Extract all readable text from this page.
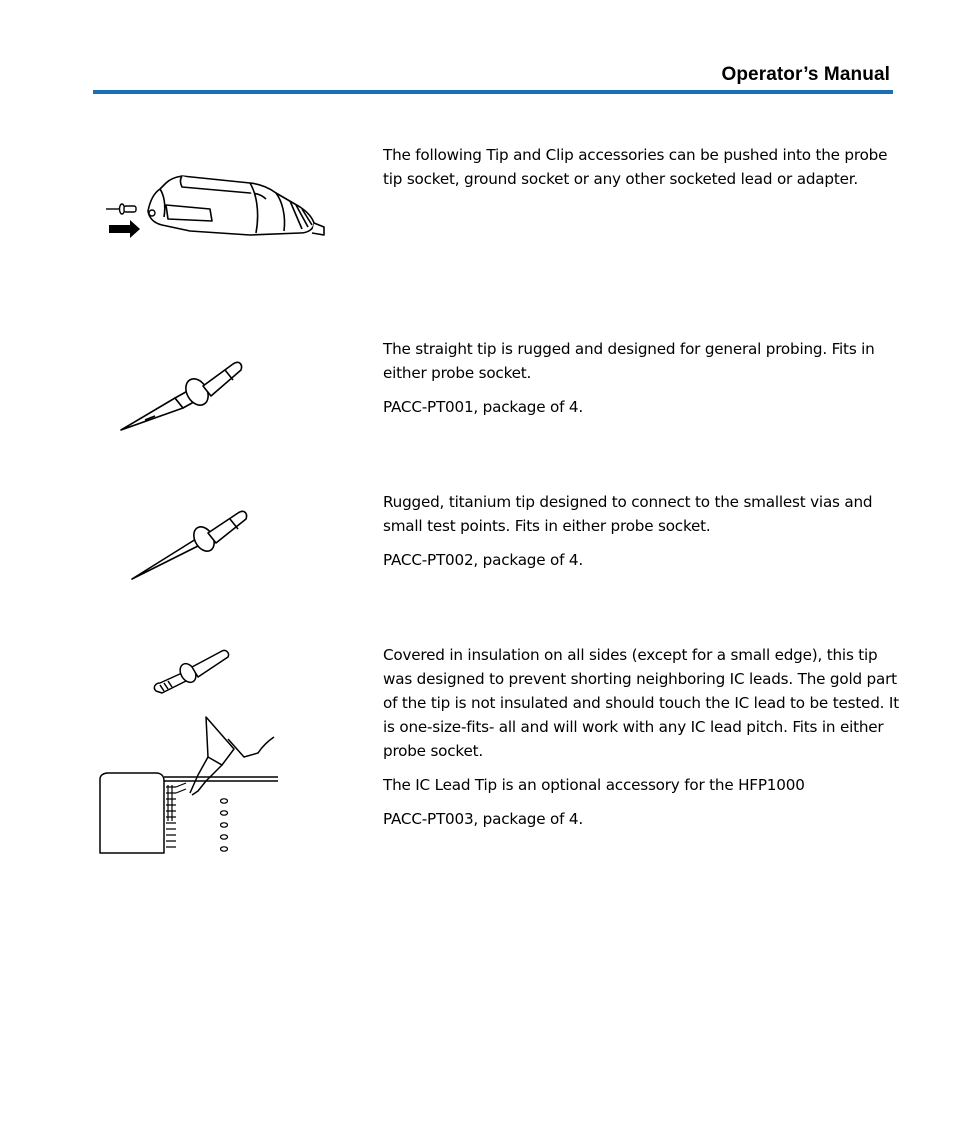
Operator’s Manual

The following Tip and Clip accessories can be pushed into the probe tip socket, ground socket or any other socketed lead or adapter.

The straight tip is rugged and designed for general probing. Fits in either probe socket.

PACC-PT001, package of 4.

Rugged, titanium tip designed to connect to the smallest vias and small test points. Fits in either probe socket.

PACC-PT002, package of 4.

Covered in insulation on all sides (except for a small edge), this tip was designed to prevent shorting neighboring IC leads. The gold part of the tip is not insulated and should touch the IC lead to be tested. It is one-size-fits- all and will work with any IC lead pitch. Fits in either probe socket.

The IC Lead Tip is an optional accessory for the HFP1000

PACC-PT003, package of 4.
